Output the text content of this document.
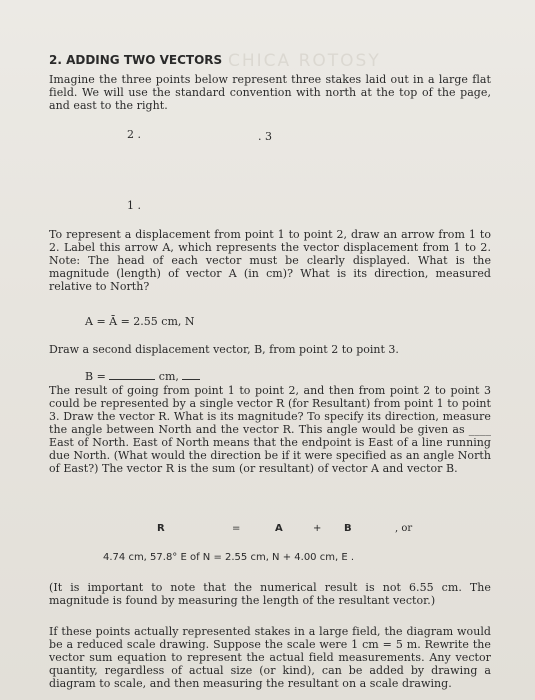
CHICA ROTOSY
2. ADDING TWO VECTORS

Imagine the three points below represent three stakes laid out in a large flat field. We will use the standard convention with north at the top of the page, and east to the right.

2 .	. 3
1 .

To represent a displacement from point 1 to point 2, draw an arrow from 1 to 2. Label this arrow A, which represents the vector displacement from 1 to 2. Note: The head of each vector must be clearly displayed. What is the magnitude (length) of vector A (in cm)? What is its direction, measured relative to North?

A = Ā = 2.55 cm, N
Draw a second displacement vector, B, from point 2 to point 3.
B =	cm,

The result of going from point 1 to point 2, and then from point 2 to point 3 could be represented by a single vector R (for Resultant) from point 1 to point 3. Draw the vector R. What is its magnitude? To specify its direction, measure the angle between North and the vector R. This angle would be given as ____ East of North. East of North means that the endpoint is East of a line running due North. (What would the direction be if it were specified as an angle North of East?) The vector R is the sum (or resultant) of vector A and vector B.

R	=	A	+ B	, or
4.74 cm, 57.8° E of N = 2.55 cm, N + 4.00 cm, E .

(It is important to note that the numerical result is not 6.55 cm. The magnitude is found by measuring the length of the resultant vector.)

If these points actually represented stakes in a large field, the diagram would be a reduced scale drawing. Suppose the scale were 1 cm = 5 m. Rewrite the vector sum equation to represent the actual field measurements. Any vector quantity, regardless of actual size (or kind), can be added by drawing a diagram to scale, and then measuring the resultant on a scale drawing.
